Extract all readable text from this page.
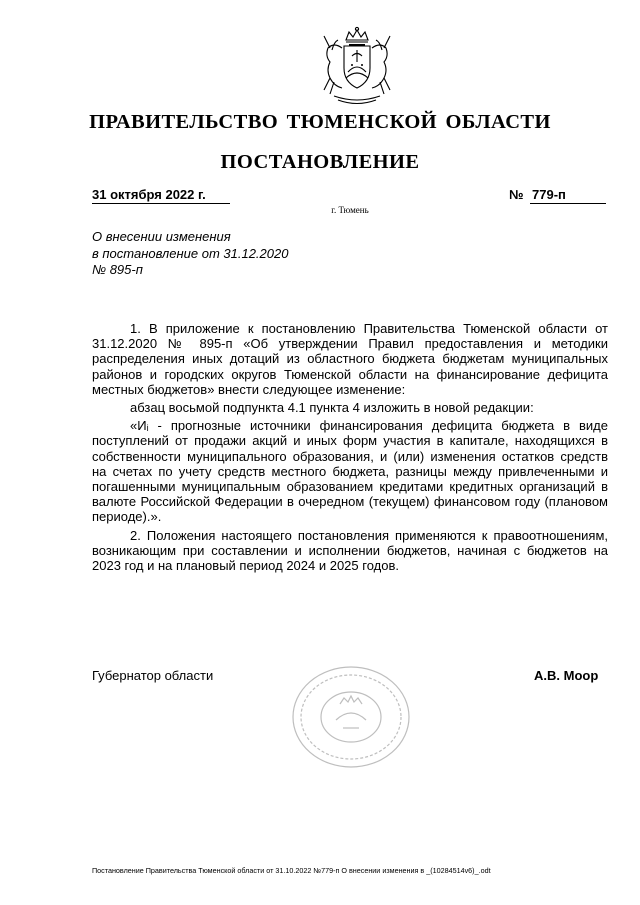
ПРАВИТЕЛЬСТВО ТЮМЕНСКОЙ ОБЛАСТИ
ПОСТАНОВЛЕНИЕ
31 октября 2022 г.	№ 779-п
г. Тюмень
О внесении изменения
в постановление от 31.12.2020
№ 895-п

1. В приложение к постановлению Правительства Тюменской области от 31.12.2020 № 895-п «Об утверждении Правил предоставления и методики распределения иных дотаций из областного бюджета бюджетам муниципальных районов и городских округов Тюменской области на финансирование дефицита местных бюджетов» внести следующее изменение:

абзац восьмой подпункта 4.1 пункта 4 изложить в новой редакции:

«Иᵢ - прогнозные источники финансирования дефицита бюджета в виде поступлений от продажи акций и иных форм участия в капитале, находящихся в собственности муниципального образования, и (или) изменения остатков средств на счетах по учету средств местного бюджета, разницы между привлеченными и погашенными муниципальным образованием кредитами кредитных организаций в валюте Российской Федерации в очередном (текущем) финансовом году (плановом периоде).».

2. Положения настоящего постановления применяются к правоотношениям, возникающим при составлении и исполнении бюджетов, начиная с бюджетов на 2023 год и на плановый период 2024 и 2025 годов.

Губернатор области	А.В. Моор
Постановление Правительства Тюменской области от 31.10.2022 №779-п О внесении изменения в _(10284514v6)_.odt
